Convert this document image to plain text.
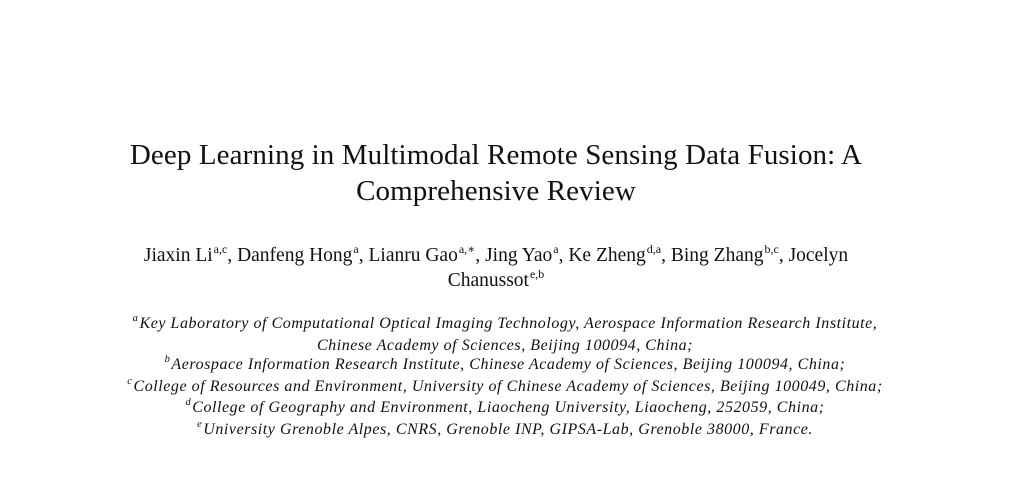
Deep Learning in Multimodal Remote Sensing Data Fusion: A
Comprehensive Review
Jiaxin Li$^{a,c}$, Danfeng Hong$^a$, Lianru Gao$^{a,∗}$, Jing Yao$^a$, Ke Zheng$^{d,a}$, Bing Zhang$^{b,c}$, Jocelyn
Chanussot$^{e,b}$
$^a$Key Laboratory of Computational Optical Imaging Technology, Aerospace Information Research Institute,
Chinese Academy of Sciences, Beijing 100094, China;
$^b$Aerospace Information Research Institute, Chinese Academy of Sciences, Beijing 100094, China;
$^c$College of Resources and Environment, University of Chinese Academy of Sciences, Beijing 100049, China;
$^d$College of Geography and Environment, Liaocheng University, Liaocheng, 252059, China;
$^e$University Grenoble Alpes, CNRS, Grenoble INP, GIPSA-Lab, Grenoble 38000, France.
